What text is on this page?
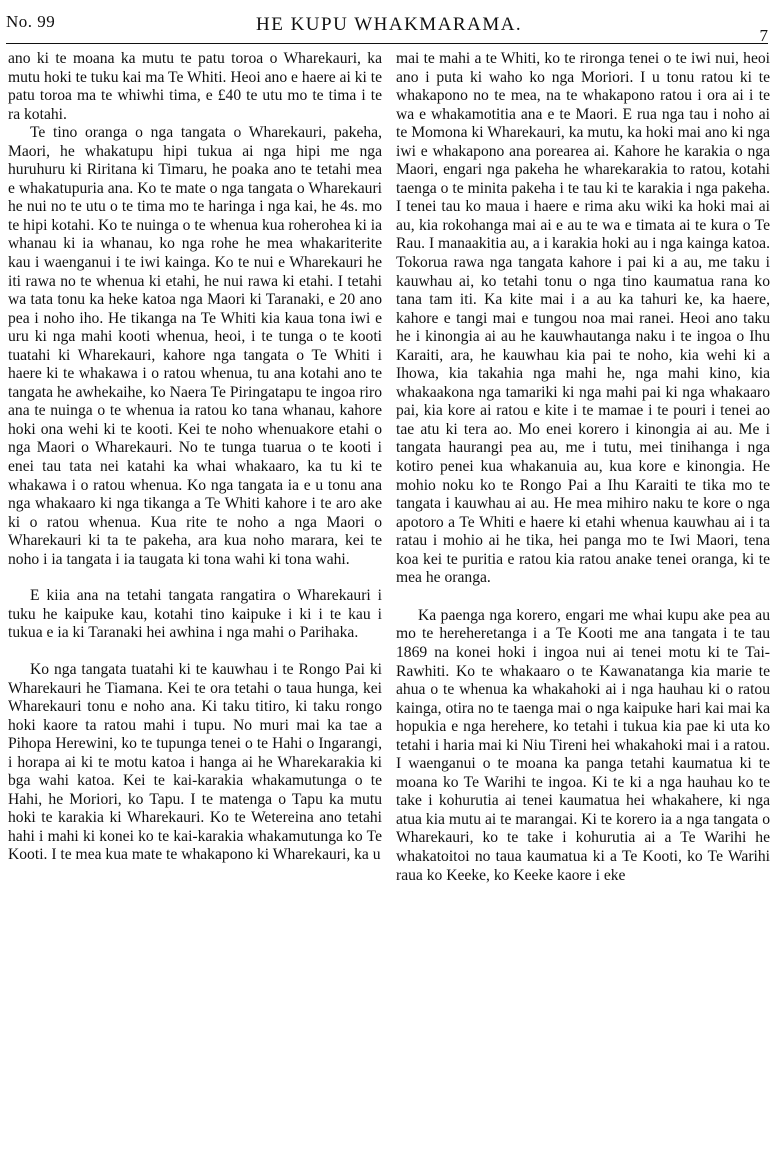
No. 99	HE KUPU WHAKMARAMA.
7

ano ki te moana ka mutu te patu toroa o Wharekauri, ka mutu hoki te tuku kai ma Te Whiti. Heoi ano e haere ai ki te patu toroa ma te whiwhi tima, e £40 te utu mo te tima i te ra kotahi.

Te tino oranga o nga tangata o Wharekauri, pakeha, Maori, he whakatupu hipi tukua ai nga hipi me nga huruhuru ki Riritana ki Timaru, he poaka ano te tetahi mea e whakatupuria ana. Ko te mate o nga tangata o Wharekauri he nui no te utu o te tima mo te haringa i nga kai, he 4s. mo te hipi kotahi. Ko te nuinga o te whenua kua roherohea ki ia whanau ki ia whanau, ko nga rohe he mea whakariterite kau i waenganui i te iwi kainga. Ko te nui e Wharekauri he iti rawa no te whenua ki etahi, he nui rawa ki etahi. I tetahi wa tata tonu ka heke katoa nga Maori ki Taranaki, e 20 ano pea i noho iho. He tikanga na Te Whiti kia kaua tona iwi e uru ki nga mahi kooti whenua, heoi, i te tunga o te kooti tuatahi ki Wharekauri, kahore nga tangata o Te Whiti i haere ki te whakawa i o ratou whenua, tu ana kotahi ano te tangata he awhekaihe, ko Naera Te Piringatapu te ingoa riro ana te nuinga o te whenua ia ratou ko tana whanau, kahore hoki ona wehi ki te kooti. Kei te noho whenuakore etahi o nga Maori o Wharekauri. No te tunga tuarua o te kooti i enei tau tata nei katahi ka whai whakaaro, ka tu ki te whakawa i o ratou whenua. Ko nga tangata ia e u tonu ana nga whakaaro ki nga tikanga a Te Whiti kahore i te aro ake ki o ratou whenua. Kua rite te noho a nga Maori o Wharekauri ki ta te pakeha, ara kua noho marara, kei te noho i ia tangata i ia taugata ki tona wahi ki tona wahi.

E kiia ana na tetahi tangata rangatira o Wharekauri i tuku he kaipuke kau, kotahi tino kaipuke i ki i te kau i tukua e ia ki Taranaki hei awhina i nga mahi o Parihaka.

Ko nga tangata tuatahi ki te kauwhau i te Rongo Pai ki Wharekauri he Tiamana. Kei te ora tetahi o taua hunga, kei Wharekauri tonu e noho ana. Ki taku titiro, ki taku rongo hoki kaore ta ratou mahi i tupu. No muri mai ka tae a Pihopa Herewini, ko te tupunga tenei o te Hahi o Ingarangi, i horapa ai ki te motu katoa i hanga ai he Wharekarakia ki bga wahi katoa. Kei te kai-karakia whakamutunga o te Hahi, he Moriori, ko Tapu. I te matenga o Tapu ka mutu hoki te karakia ki Wharekauri. Ko te Wetereina ano tetahi hahi i mahi ki konei ko te kai-karakia whakamutunga ko Te Kooti. I te mea kua mate te whakapono ki Wharekauri, ka u

mai te mahi a te Whiti, ko te rironga tenei o te iwi nui, heoi ano i puta ki waho ko nga Moriori. I u tonu ratou ki te whakapono no te mea, na te whakapono ratou i ora ai i te wa e whakamotitia ana e te Maori. E rua nga tau i noho ai te Momona ki Wharekauri, ka mutu, ka hoki mai ano ki nga iwi e whakapono ana porearea ai. Kahore he karakia o nga Maori, engari nga pakeha he wharekarakia to ratou, kotahi taenga o te minita pakeha i te tau ki te karakia i nga pakeha. I tenei tau ko maua i haere e rima aku wiki ka hoki mai ai au, kia rokohanga mai ai e au te wa e timata ai te kura o Te Rau. I manaakitia au, a i karakia hoki au i nga kainga katoa. Tokorua rawa nga tangata kahore i pai ki a au, me taku i kauwhau ai, ko tetahi tonu o nga tino kaumatua rana ko tana tam iti. Ka kite mai i a au ka tahuri ke, ka haere, kahore e tangi mai e tungou noa mai ranei. Heoi ano taku he i kinongia ai au he kauwhautanga naku i te ingoa o Ihu Karaiti, ara, he kauwhau kia pai te noho, kia wehi ki a Ihowa, kia takahia nga mahi he, nga mahi kino, kia whakaakona nga tamariki ki nga mahi pai ki nga whakaaro pai, kia kore ai ratou e kite i te mamae i te pouri i tenei ao tae atu ki tera ao. Mo enei korero i kinongia ai au. Me i tangata haurangi pea au, me i tutu, mei tinihanga i nga kotiro penei kua whakanuia au, kua kore e kinongia. He mohio noku ko te Rongo Pai a Ihu Karaiti te tika mo te tangata i kauwhau ai au. He mea mihiro naku te kore o nga apotoro a Te Whiti e haere ki etahi whenua kauwhau ai i ta ratau i mohio ai he tika, hei panga mo te Iwi Maori, tena koa kei te puritia e ratou kia ratou anake tenei oranga, ki te mea he oranga.

Ka paenga nga korero, engari me whai kupu ake pea au mo te hereheretanga i a Te Kooti me ana tangata i te tau 1869 na konei hoki i ingoa nui ai tenei motu ki te Tai-Rawhiti. Ko te whakaaro o te Kawanatanga kia marie te ahua o te whenua ka whakahoki ai i nga hauhau ki o ratou kainga, otira no te taenga mai o nga kaipuke hari kai mai ka hopukia e nga herehere, ko tetahi i tukua kia pae ki uta ko tetahi i haria mai ki Niu Tireni hei whakahoki mai i a ratou. I waenganui o te moana ka panga tetahi kaumatua ki te moana ko Te Warihi te ingoa. Ki te ki a nga hauhau ko te take i kohurutia ai tenei kaumatua hei whakahere, ki nga atua kia mutu ai te marangai. Ki te korero ia a nga tangata o Wharekauri, ko te take i kohurutia ai a Te Warihi he whakatoitoi no taua kaumatua ki a Te Kooti, ko Te Warihi raua ko Keeke, ko Keeke kaore i eke
